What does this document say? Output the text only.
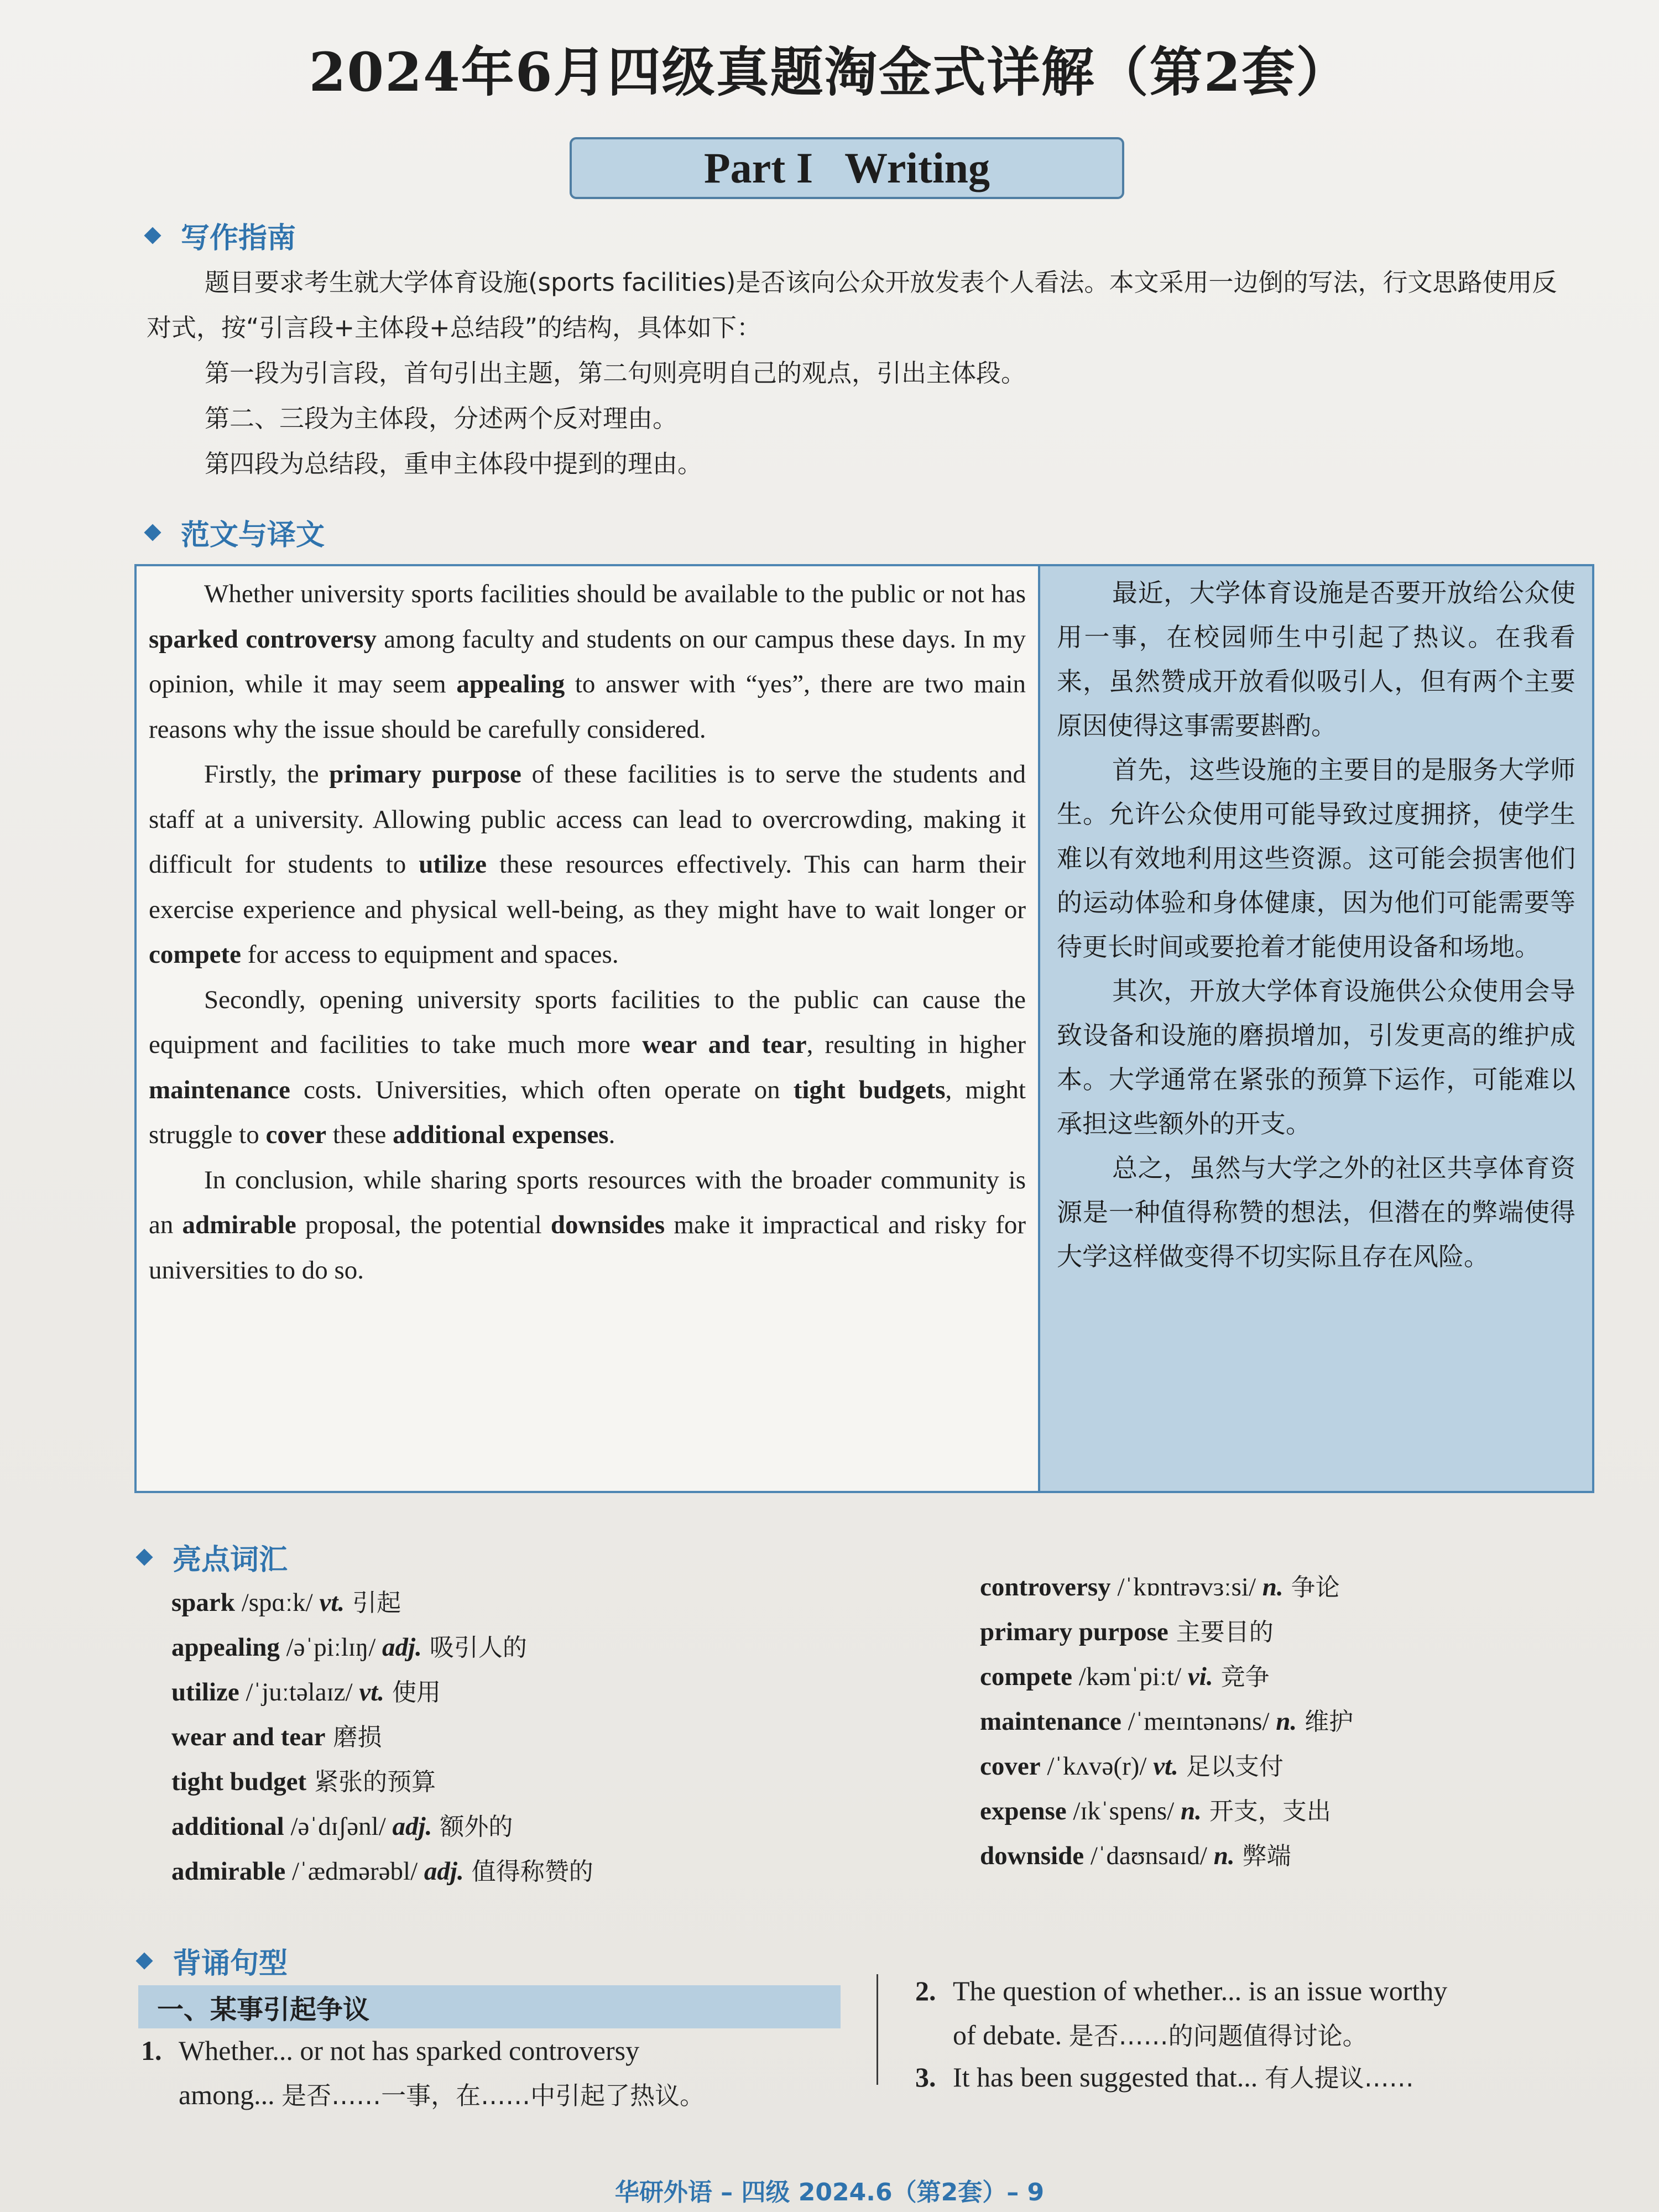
2024年6月四级真题淘金式详解（第2套）
Part I   Writing
写作指南

题目要求考生就大学体育设施(sports facilities)是否该向公众开放发表个人看法。本文采用一边倒的写法，行文思路使用反对式，按“引言段+主体段+总结段”的结构，具体如下：

第一段为引言段，首句引出主题，第二句则亮明自己的观点，引出主体段。

第二、三段为主体段，分述两个反对理由。

第四段为总结段，重申主体段中提到的理由。

范文与译文

Whether university sports facilities should be available to the public or not has sparked controversy among faculty and students on our campus these days. In my opinion, while it may seem appealing to answer with “yes”, there are two main reasons why the issue should be carefully considered.

Firstly, the primary purpose of these facilities is to serve the students and staff at a university. Allowing public access can lead to overcrowding, making it difficult for students to utilize these resources effectively. This can harm their exercise experience and physical well-being, as they might have to wait longer or compete for access to equipment and spaces.

Secondly, opening university sports facilities to the public can cause the equipment and facilities to take much more wear and tear, resulting in higher maintenance costs. Universities, which often operate on tight budgets, might struggle to cover these additional expenses.

In conclusion, while sharing sports resources with the broader community is an admirable proposal, the potential downsides make it impractical and risky for universities to do so.

最近，大学体育设施是否要开放给公众使用一事，在校园师生中引起了热议。在我看来，虽然赞成开放看似吸引人，但有两个主要原因使得这事需要斟酌。

首先，这些设施的主要目的是服务大学师生。允许公众使用可能导致过度拥挤，使学生难以有效地利用这些资源。这可能会损害他们的运动体验和身体健康，因为他们可能需要等待更长时间或要抢着才能使用设备和场地。

其次，开放大学体育设施供公众使用会导致设备和设施的磨损增加，引发更高的维护成本。大学通常在紧张的预算下运作，可能难以承担这些额外的开支。

总之，虽然与大学之外的社区共享体育资源是一种值得称赞的想法，但潜在的弊端使得大学这样做变得不切实际且存在风险。

亮点词汇
spark /spɑːk/ vt. 引起
appealing /əˈpiːlɪŋ/ adj. 吸引人的
utilize /ˈjuːtəlaɪz/ vt. 使用
wear and tear 磨损
tight budget 紧张的预算
additional /əˈdɪʃənl/ adj. 额外的
admirable /ˈædmərəbl/ adj. 值得称赞的
controversy /ˈkɒntrəvɜːsi/ n. 争论
primary purpose 主要目的
compete /kəmˈpiːt/ vi. 竞争
maintenance /ˈmeɪntənəns/ n. 维护
cover /ˈkʌvə(r)/ vt. 足以支付
expense /ɪkˈspens/ n. 开支，支出
downside /ˈdaʊnsaɪd/ n. 弊端
背诵句型
一、某事引起争议
1. Whether... or not has sparked controversy
among... 是否……一事，在……中引起了热议。
2. The question of whether... is an issue worthy
of debate. 是否……的问题值得讨论。
3. It has been suggested that... 有人提议……
华研外语 – 四级 2024.6（第2套）– 9
